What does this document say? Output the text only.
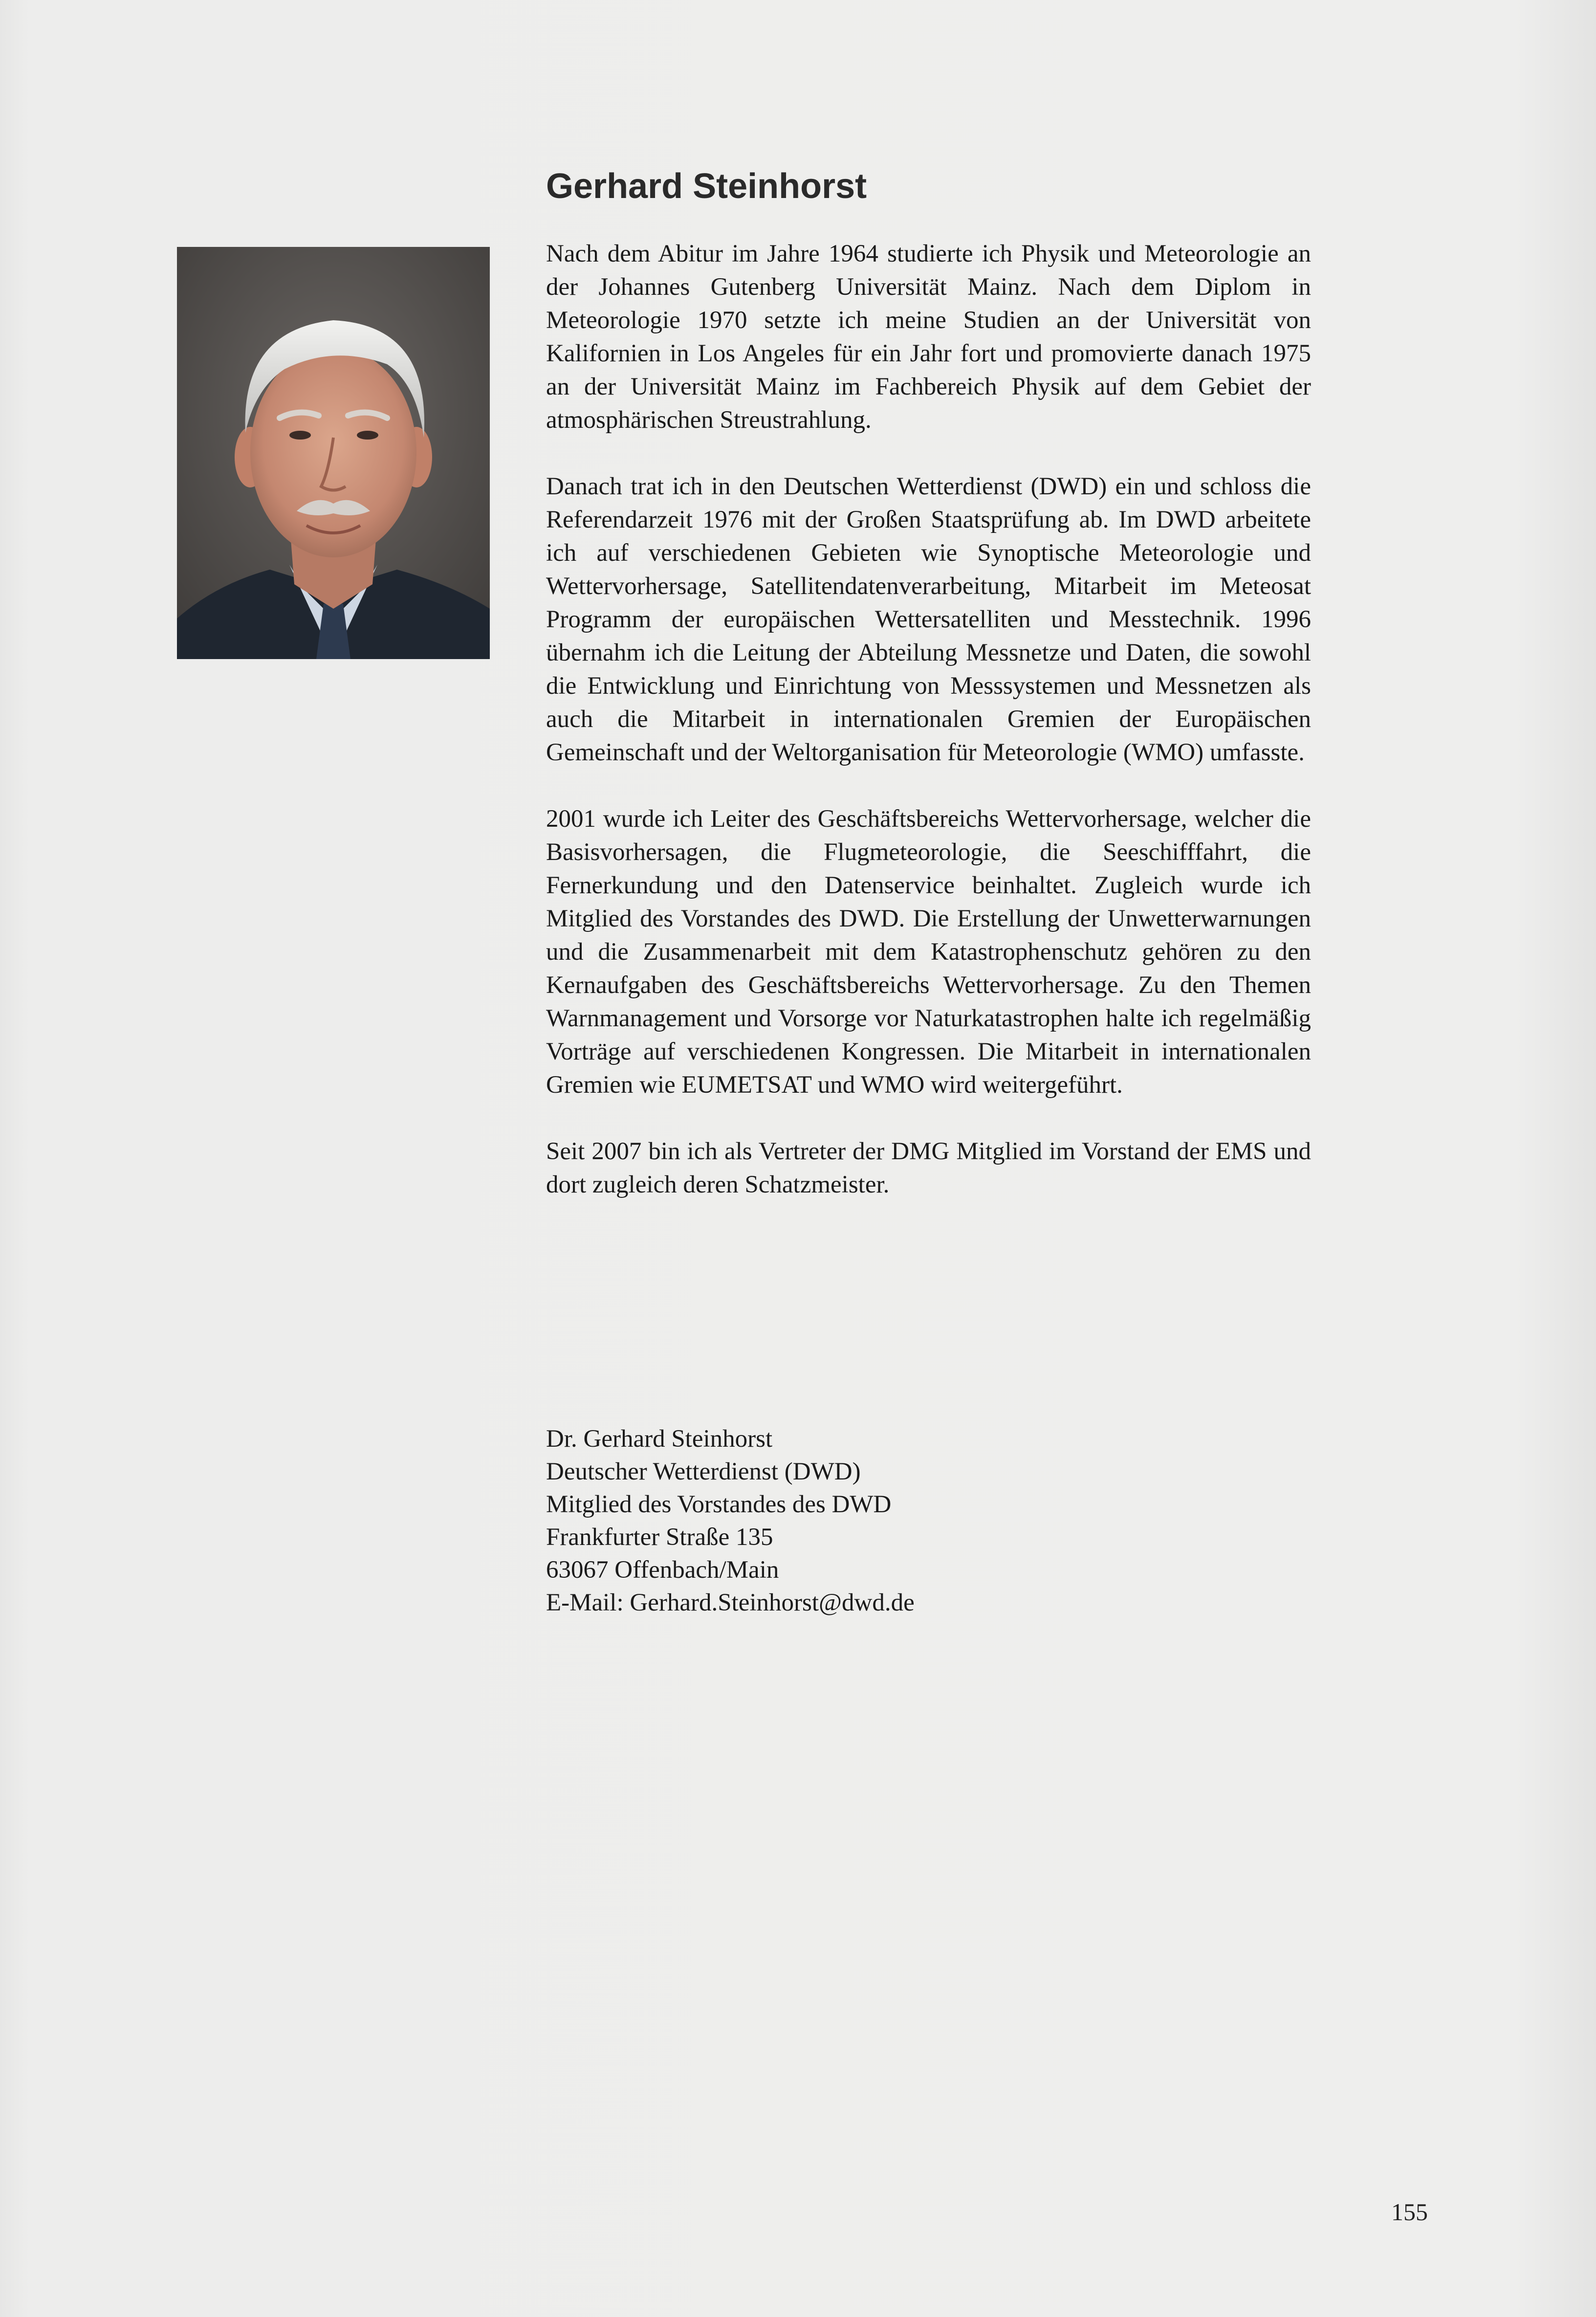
Gerhard Steinhorst

Nach dem Abitur im Jahre 1964 studierte ich Physik und Meteorologie an der Johannes Gutenberg Universität Mainz. Nach dem Diplom in Meteorologie 1970 setzte ich meine Studien an der Universität von Kalifornien in Los Angeles für ein Jahr fort und promovierte danach 1975 an der Universität Mainz im Fachbereich Physik auf dem Gebiet der atmosphärischen Streustrahlung.

Danach trat ich in den Deutschen Wetterdienst (DWD) ein und schloss die Referendarzeit 1976 mit der Großen Staatsprüfung ab. Im DWD arbeitete ich auf verschiedenen Gebieten wie Synoptische Meteorologie und Wettervorhersage, Satellitendatenverarbeitung, Mitarbeit im Meteosat Programm der europäischen Wettersatelliten und Messtechnik. 1996 übernahm ich die Leitung der Abteilung Messnetze und Daten, die sowohl die Entwicklung und Einrichtung von Messsystemen und Messnetzen als auch die Mitarbeit in internationalen Gremien der Europäischen Gemeinschaft und der Weltorganisation für Meteorologie (WMO) umfasste.

2001 wurde ich Leiter des Geschäftsbereichs Wettervorhersage, welcher die Basisvorhersagen, die Flugmeteorologie, die Seeschifffahrt, die Fernerkundung und den Datenservice beinhaltet. Zugleich wurde ich Mitglied des Vorstandes des DWD. Die Erstellung der Unwetterwarnungen und die Zusammenarbeit mit dem Katastrophenschutz gehören zu den Kernaufgaben des Geschäftsbereichs Wettervorhersage. Zu den Themen Warnmanagement und Vorsorge vor Naturkatastrophen halte ich regelmäßig Vorträge auf verschiedenen Kongressen. Die Mitarbeit in internationalen Gremien wie EUMETSAT und WMO wird weitergeführt.

Seit 2007 bin ich als Vertreter der DMG Mitglied im Vorstand der EMS und dort zugleich deren Schatzmeister.

Dr. Gerhard Steinhorst
Deutscher Wetterdienst (DWD)
Mitglied des Vorstandes des DWD
Frankfurter Straße 135
63067 Offenbach/Main
E-Mail: Gerhard.Steinhorst@dwd.de
155
